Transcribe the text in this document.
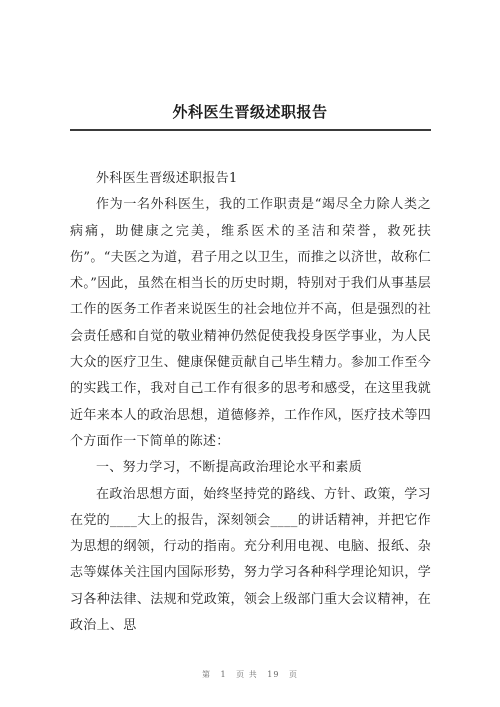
外科医生晋级述职报告

外科医生晋级述职报告1

作为一名外科医生，我的工作职责是“竭尽全力除人类之病痛，助健康之完美，维系医术的圣洁和荣誉，救死扶伤”。“夫医之为道，君子用之以卫生，而推之以济世，故称仁术。”因此，虽然在相当长的历史时期，特别对于我们从事基层工作的医务工作者来说医生的社会地位并不高，但是强烈的社会责任感和自觉的敬业精神仍然促使我投身医学事业，为人民大众的医疗卫生、健康保健贡献自己毕生精力。参加工作至今的实践工作，我对自己工作有很多的思考和感受，在这里我就近年来本人的政治思想，道德修养，工作作风，医疗技术等四个方面作一下简单的陈述：

一、努力学习，不断提高政治理论水平和素质

在政治思想方面，始终坚持党的路线、方针、政策，学习在党的____大上的报告，深刻领会____的讲话精神，并把它作为思想的纲领，行动的指南。充分利用电视、电脑、报纸、杂志等媒体关注国内国际形势，努力学习各种科学理论知识，学习各种法律、法规和党政策，领会上级部门重大会议精神，在政治上、思

第 1 页 共 19 页
